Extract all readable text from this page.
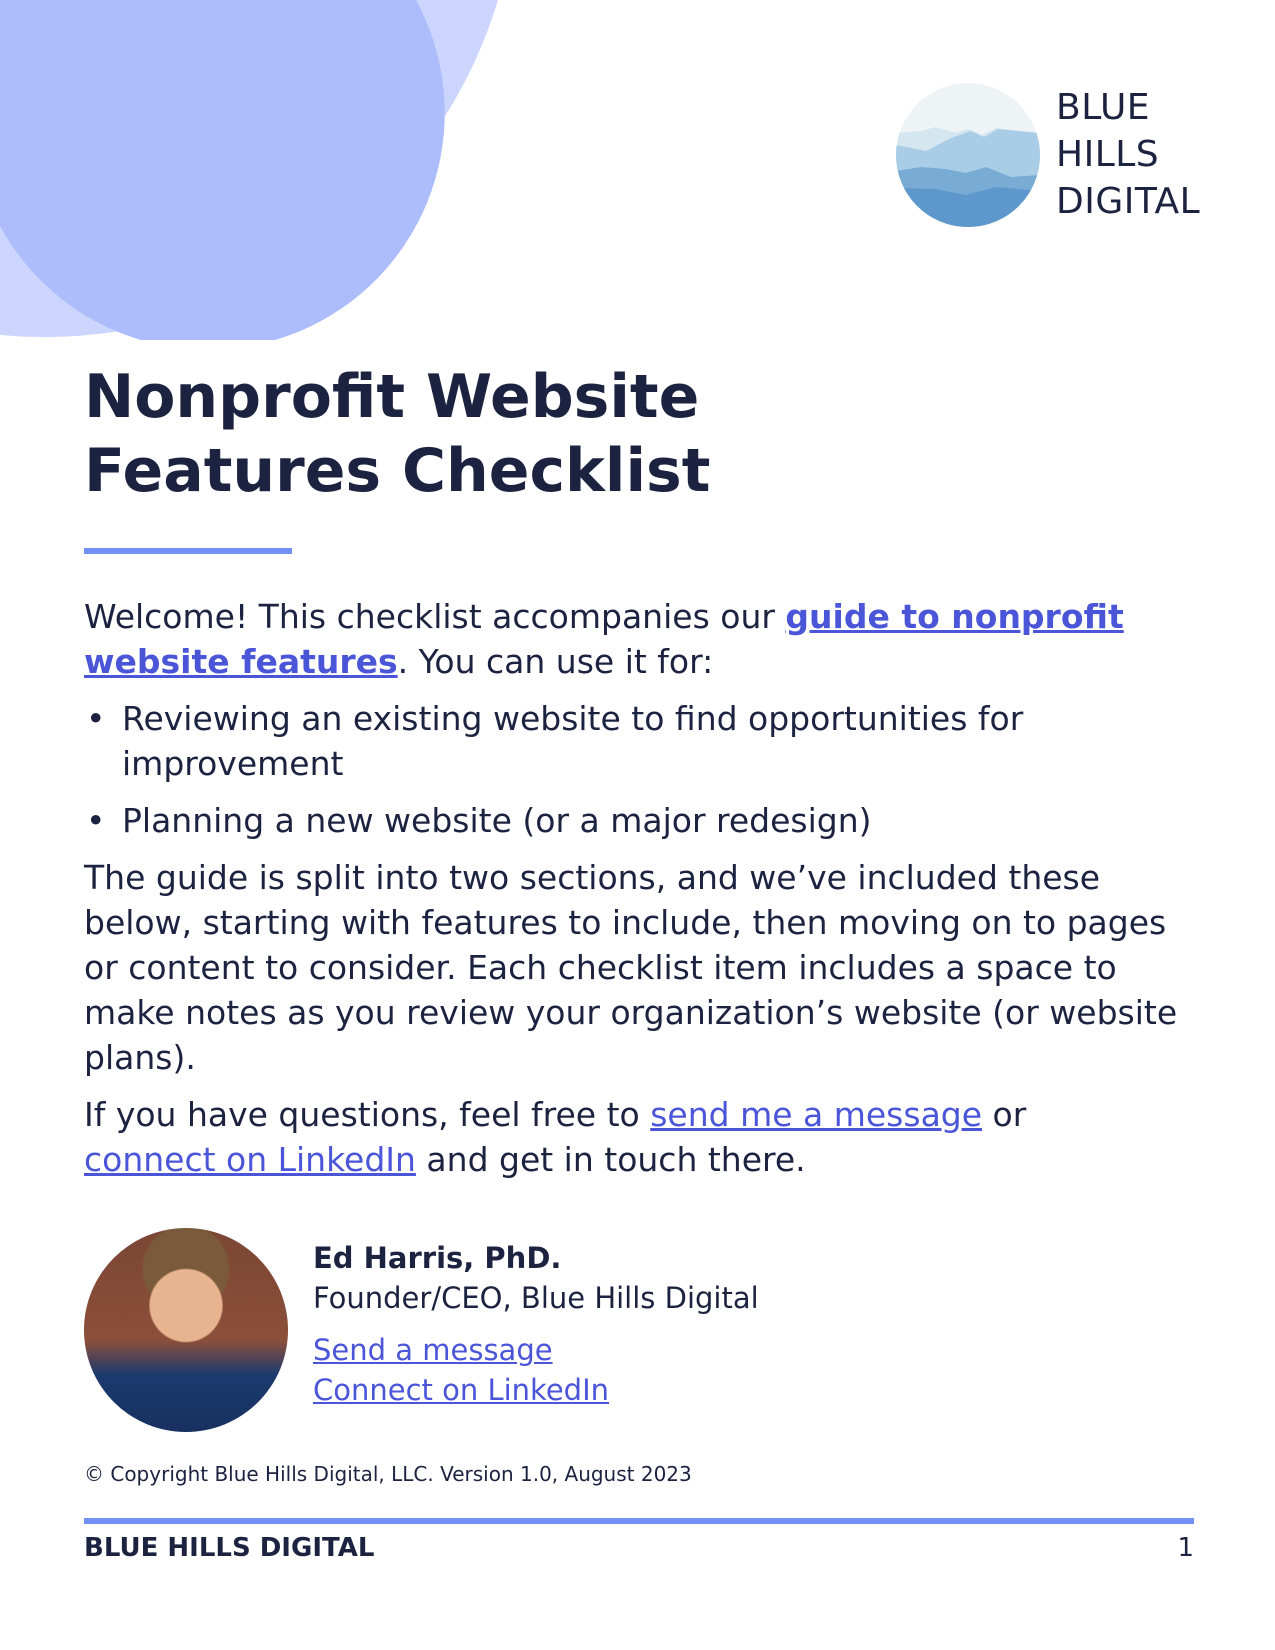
BLUE
HILLS
DIGITAL
Nonprofit Website
Features Checklist

Welcome! This checklist accompanies our guide to nonprofit website features. You can use it for:

• Reviewing an existing website to find opportunities for improvement
• Planning a new website (or a major redesign)

The guide is split into two sections, and we’ve included these below, starting with features to include, then moving on to pages or content to consider. Each checklist item includes a space to make notes as you review your organization’s website (or website plans).

If you have questions, feel free to send me a message or
connect on LinkedIn and get in touch there.

Ed Harris, PhD.
Founder/CEO, Blue Hills Digital
Send a message
Connect on LinkedIn
© Copyright Blue Hills Digital, LLC. Version 1.0, August 2023
BLUE HILLS DIGITAL	1
